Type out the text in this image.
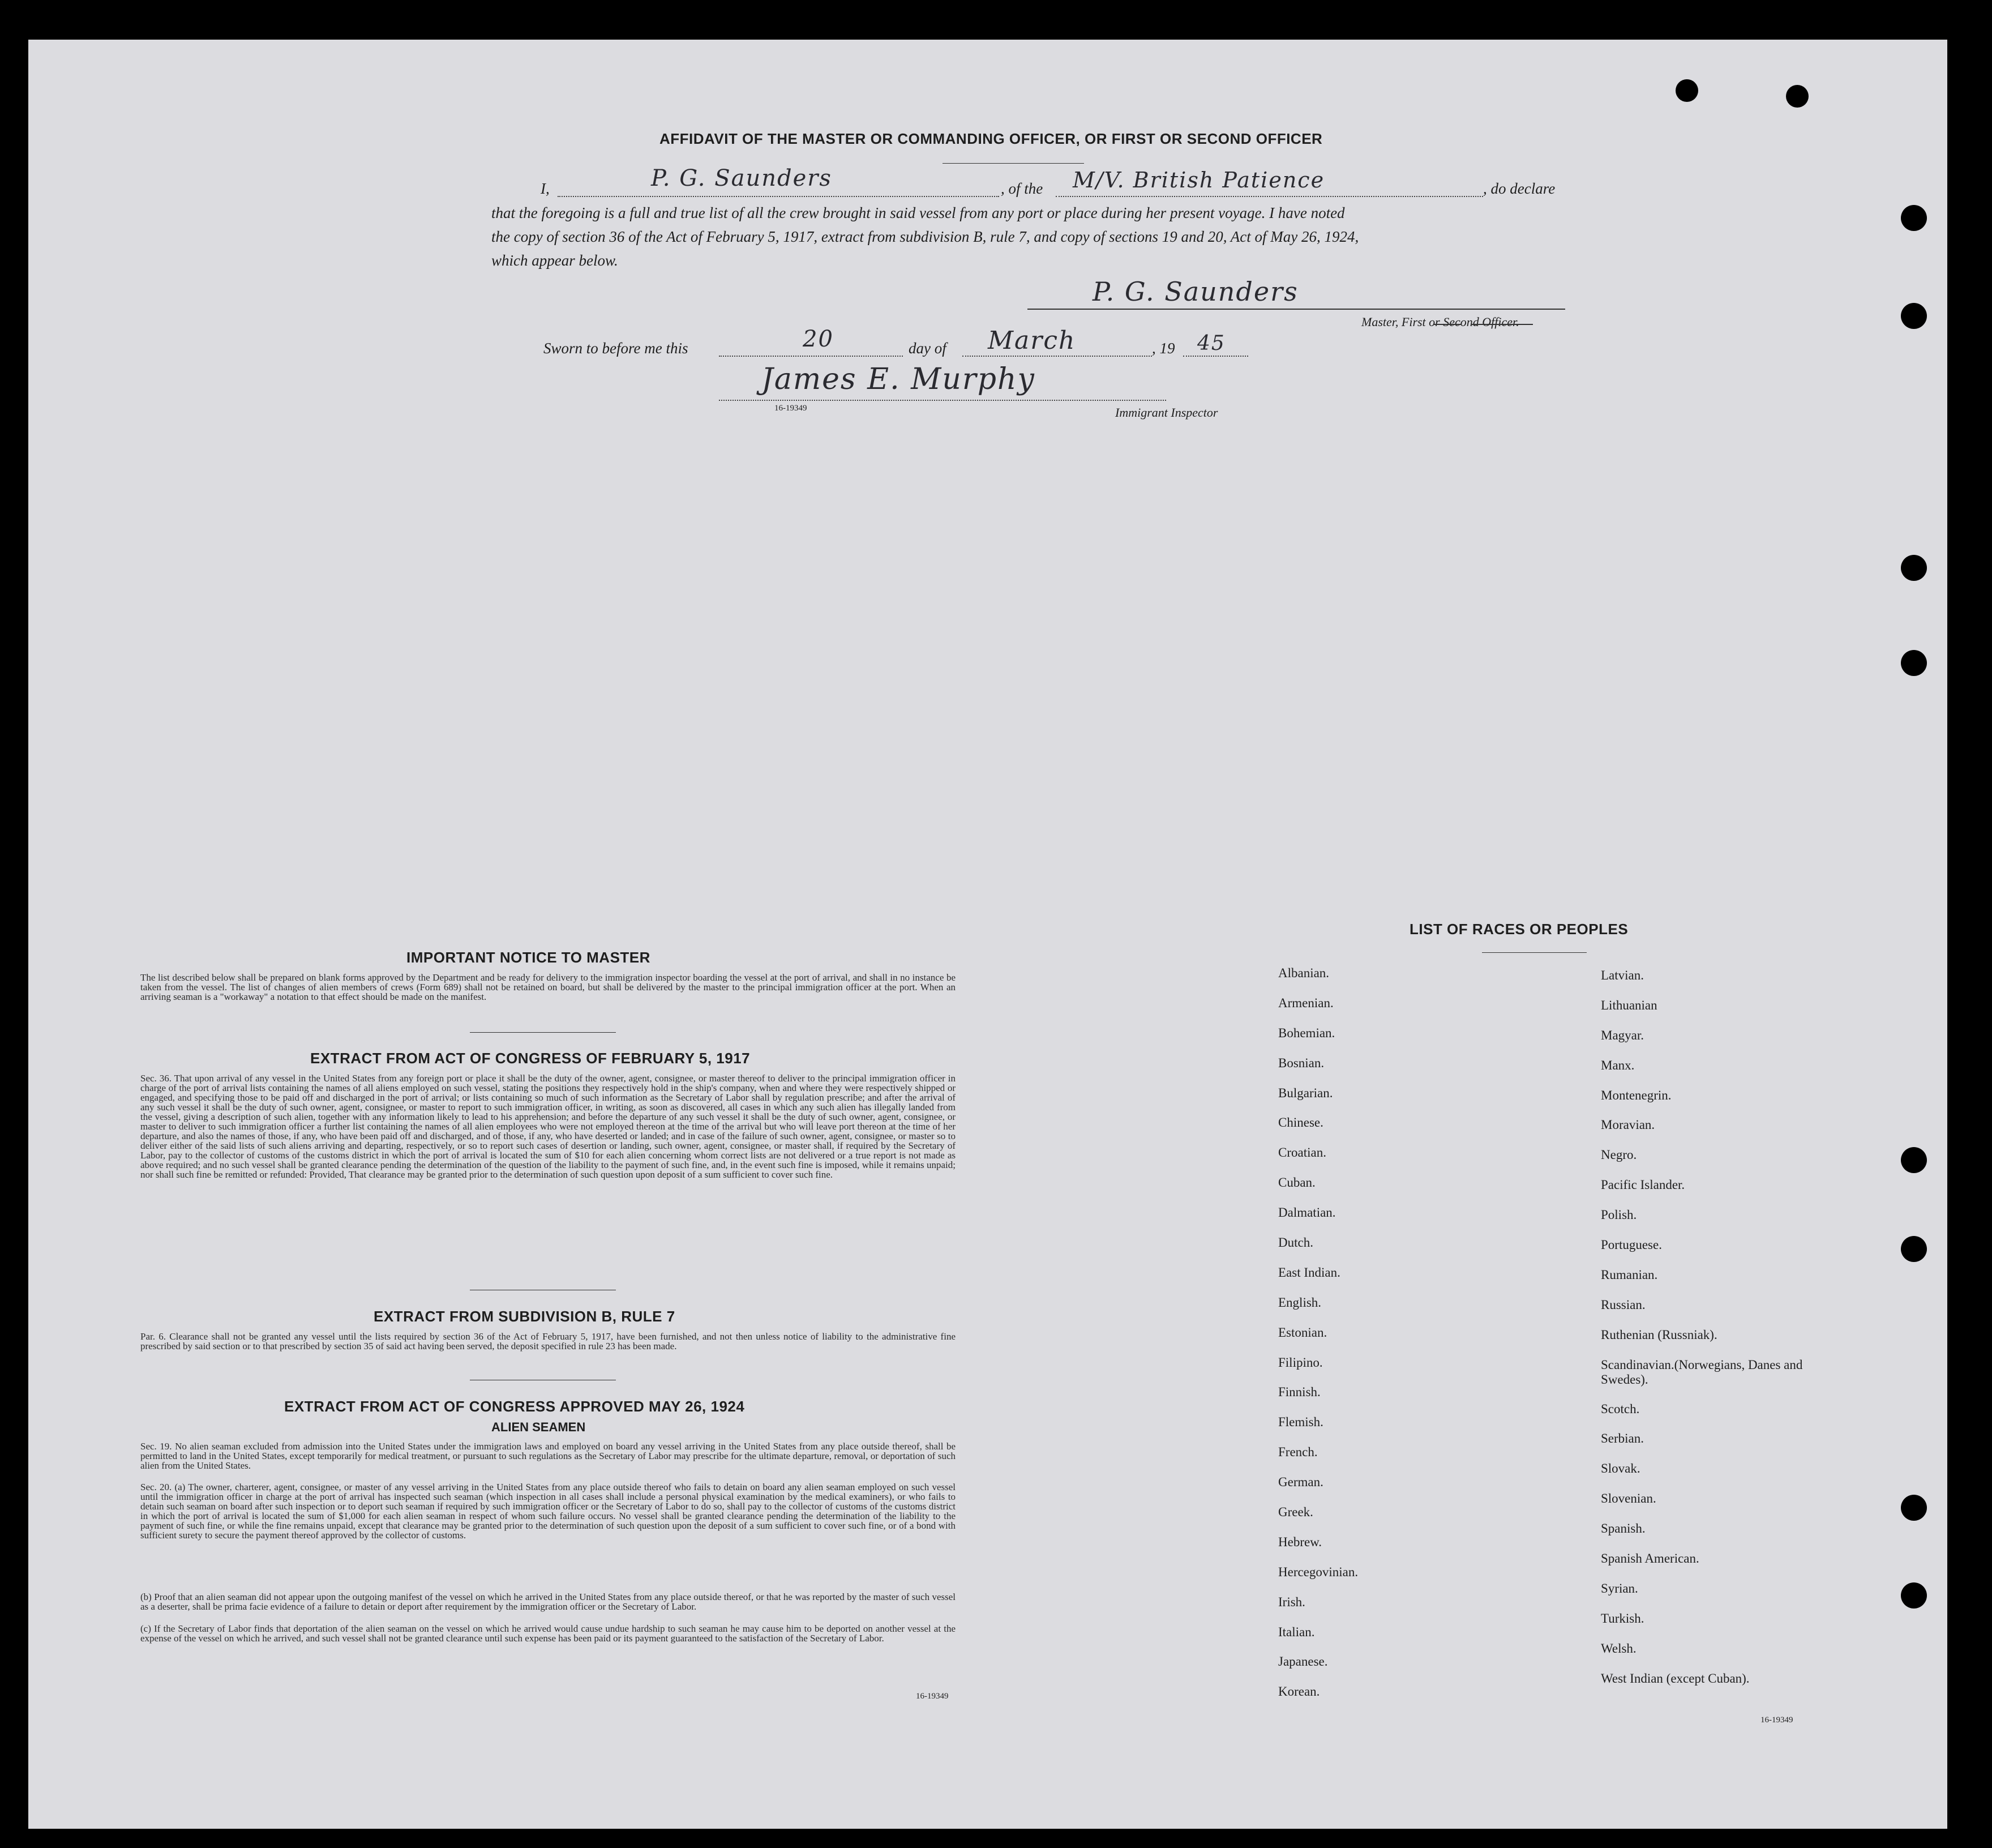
AFFIDAVIT OF THE MASTER OR COMMANDING OFFICER, OR FIRST OR SECOND OFFICER
I,	P. G. Saunders	, of the M/V. British Patience	, do declare
that the foregoing is a full and true list of all the crew brought in said vessel from any port or place during her present voyage. I have noted
the copy of section 36 of the Act of February 5, 1917, extract from subdivision B, rule 7, and copy of sections 19 and 20, Act of May 26, 1924,
which appear below.
P. G. Saunders
Master, First or Second Officer.
Sworn to before me this	20	day of March	, 19 45
James E. Murphy
16-19349	Immigrant Inspector
IMPORTANT NOTICE TO MASTER
The list described below shall be prepared on blank forms approved by the Department and be ready for delivery to the immigration inspector boarding the vessel at the port of arrival, and shall in no instance be taken from the vessel. The list of changes of alien members of crews (Form 689) shall not be retained on board, but shall be delivered by the master to the principal immigration officer at the port. When an arriving seaman is a "workaway" a notation to that effect should be made on the manifest.
EXTRACT FROM ACT OF CONGRESS OF FEBRUARY 5, 1917
Sec. 36. That upon arrival of any vessel in the United States from any foreign port or place it shall be the duty of the owner, agent, consignee, or master thereof to deliver to the principal immigration officer in charge of the port of arrival lists containing the names of all aliens employed on such vessel, stating the positions they respectively hold in the ship's company, when and where they were respectively shipped or engaged, and specifying those to be paid off and discharged in the port of arrival; or lists containing so much of such information as the Secretary of Labor shall by regulation prescribe; and after the arrival of any such vessel it shall be the duty of such owner, agent, consignee, or master to report to such immigration officer, in writing, as soon as discovered, all cases in which any such alien has illegally landed from the vessel, giving a description of such alien, together with any information likely to lead to his apprehension; and before the departure of any such vessel it shall be the duty of such owner, agent, consignee, or master to deliver to such immigration officer a further list containing the names of all alien employees who were not employed thereon at the time of the arrival but who will leave port thereon at the time of her departure, and also the names of those, if any, who have been paid off and discharged, and of those, if any, who have deserted or landed; and in case of the failure of such owner, agent, consignee, or master so to deliver either of the said lists of such aliens arriving and departing, respectively, or so to report such cases of desertion or landing, such owner, agent, consignee, or master shall, if required by the Secretary of Labor, pay to the collector of customs of the customs district in which the port of arrival is located the sum of $10 for each alien concerning whom correct lists are not delivered or a true report is not made as above required; and no such vessel shall be granted clearance pending the determination of the question of the liability to the payment of such fine, and, in the event such fine is imposed, while it remains unpaid; nor shall such fine be remitted or refunded: Provided, That clearance may be granted prior to the determination of such question upon deposit of a sum sufficient to cover such fine.
EXTRACT FROM SUBDIVISION B, RULE 7
Par. 6. Clearance shall not be granted any vessel until the lists required by section 36 of the Act of February 5, 1917, have been furnished, and not then unless notice of liability to the administrative fine prescribed by said section or to that prescribed by section 35 of said act having been served, the deposit specified in rule 23 has been made.
EXTRACT FROM ACT OF CONGRESS APPROVED MAY 26, 1924
ALIEN SEAMEN
Sec. 19. No alien seaman excluded from admission into the United States under the immigration laws and employed on board any vessel arriving in the United States from any place outside thereof, shall be permitted to land in the United States, except temporarily for medical treatment, or pursuant to such regulations as the Secretary of Labor may prescribe for the ultimate departure, removal, or deportation of such alien from the United States.
Sec. 20. (a) The owner, charterer, agent, consignee, or master of any vessel arriving in the United States from any place outside thereof who fails to detain on board any alien seaman employed on such vessel until the immigration officer in charge at the port of arrival has inspected such seaman (which inspection in all cases shall include a personal physical examination by the medical examiners), or who fails to detain such seaman on board after such inspection or to deport such seaman if required by such immigration officer or the Secretary of Labor to do so, shall pay to the collector of customs of the customs district in which the port of arrival is located the sum of $1,000 for each alien seaman in respect of whom such failure occurs. No vessel shall be granted clearance pending the determination of the liability to the payment of such fine, or while the fine remains unpaid, except that clearance may be granted prior to the determination of such question upon the deposit of a sum sufficient to cover such fine, or of a bond with sufficient surety to secure the payment thereof approved by the collector of customs.
(b) Proof that an alien seaman did not appear upon the outgoing manifest of the vessel on which he arrived in the United States from any place outside thereof, or that he was reported by the master of such vessel as a deserter, shall be prima facie evidence of a failure to detain or deport after requirement by the immigration officer or the Secretary of Labor.
(c) If the Secretary of Labor finds that deportation of the alien seaman on the vessel on which he arrived would cause undue hardship to such seaman he may cause him to be deported on another vessel at the expense of the vessel on which he arrived, and such vessel shall not be granted clearance until such expense has been paid or its payment guaranteed to the satisfaction of the Secretary of Labor.
16-19349
LIST OF RACES OR PEOPLES
Albanian.
Armenian.
Bohemian.
Bosnian.
Bulgarian.
Chinese.
Croatian.
Cuban.
Dalmatian.
Dutch.
East Indian.
English.
Estonian.
Filipino.
Finnish.
Flemish.
French.
German.
Greek.
Hebrew.
Hercegovinian.
Irish.
Italian.
Japanese.
Korean.
Latvian.
Lithuanian
Magyar.
Manx.
Montenegrin.
Moravian.
Negro.
Pacific Islander.
Polish.
Portuguese.
Rumanian.
Russian.
Ruthenian (Russniak).
Scandinavian.(Norwegians, Danes and Swedes).
Scotch.
Serbian.
Slovak.
Slovenian.
Spanish.
Spanish American.
Syrian.
Turkish.
Welsh.
West Indian (except Cuban).
16-19349
